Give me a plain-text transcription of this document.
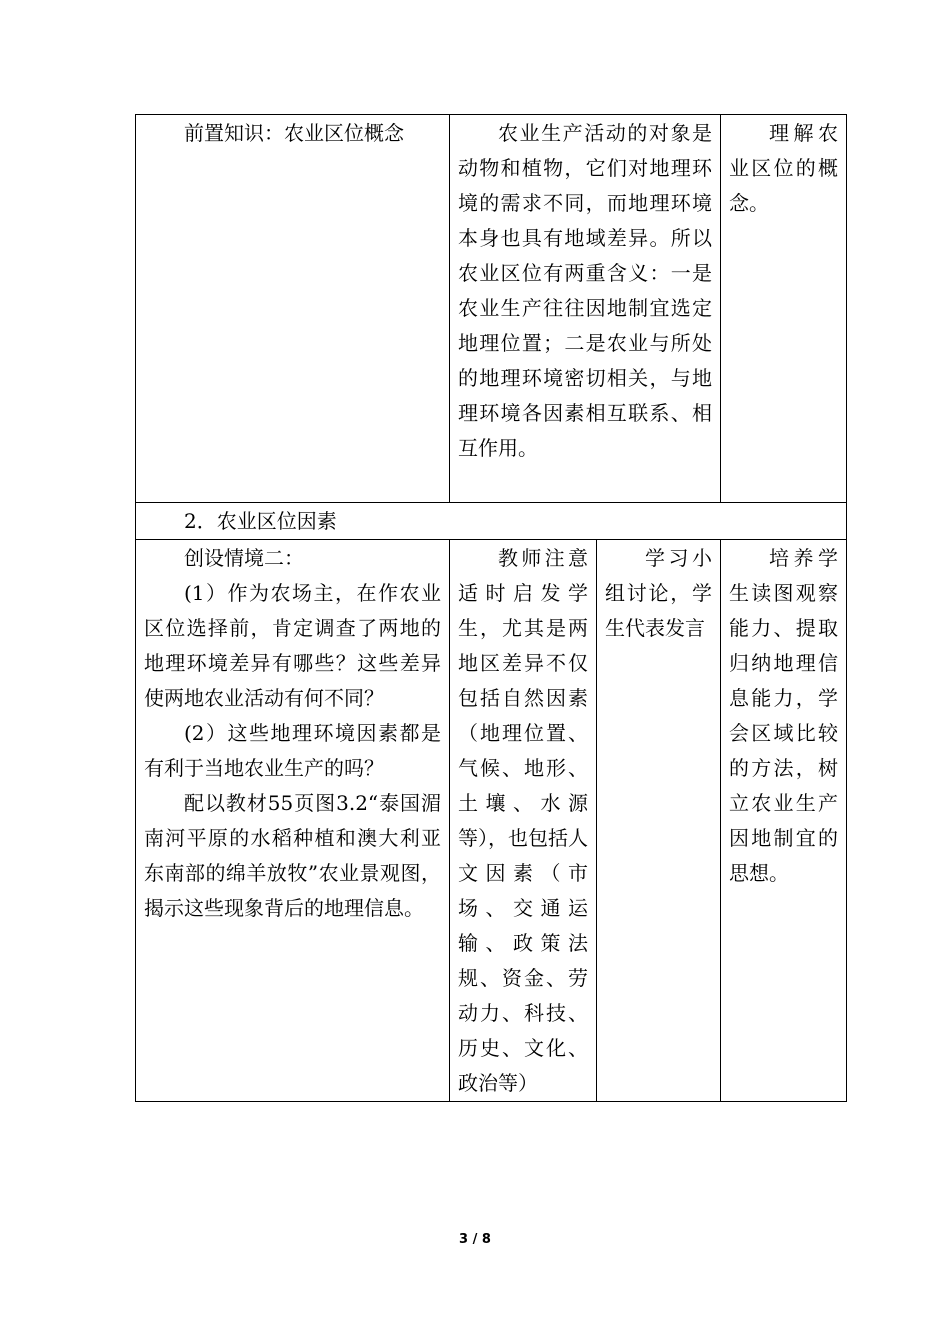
前置知识：农业区位概念	农业生产活动的对象是动物和植物，它们对地理环境的需求不同，而地理环境本身也具有地域差异。所以农业区位有两重含义：一是农业生产往往因地制宜选定地理位置；二是农业与所处的地理环境密切相关，与地理环境各因素相互联系、相互作用。		理解农业区位的概念。

2．农业区位因素			

创设情境二：
(1）作为农场主，在作农业区位选择前，肯定调查了两地的地理环境差异有哪些？这些差异使两地农业活动有何不同？
(2）这些地理环境因素都是有利于当地农业生产的吗？
配以教材55页图3.2“泰国湄南河平原的水稻种植和澳大利亚东南部的绵羊放牧”农业景观图，揭示这些现象背后的地理信息。	教师注意适时启发学生，尤其是两地区差异不仅包括自然因素（地理位置、气候、地形、土壤、水源等），也包括人文因素（市场、交通运输、政策法规、资金、劳动力、科技、历史、文化、政治等）	学习小组讨论，学生代表发言	培养学生读图观察能力、提取归纳地理信息能力，学会区域比较的方法，树立农业生产因地制宜的思想。
3 / 8
